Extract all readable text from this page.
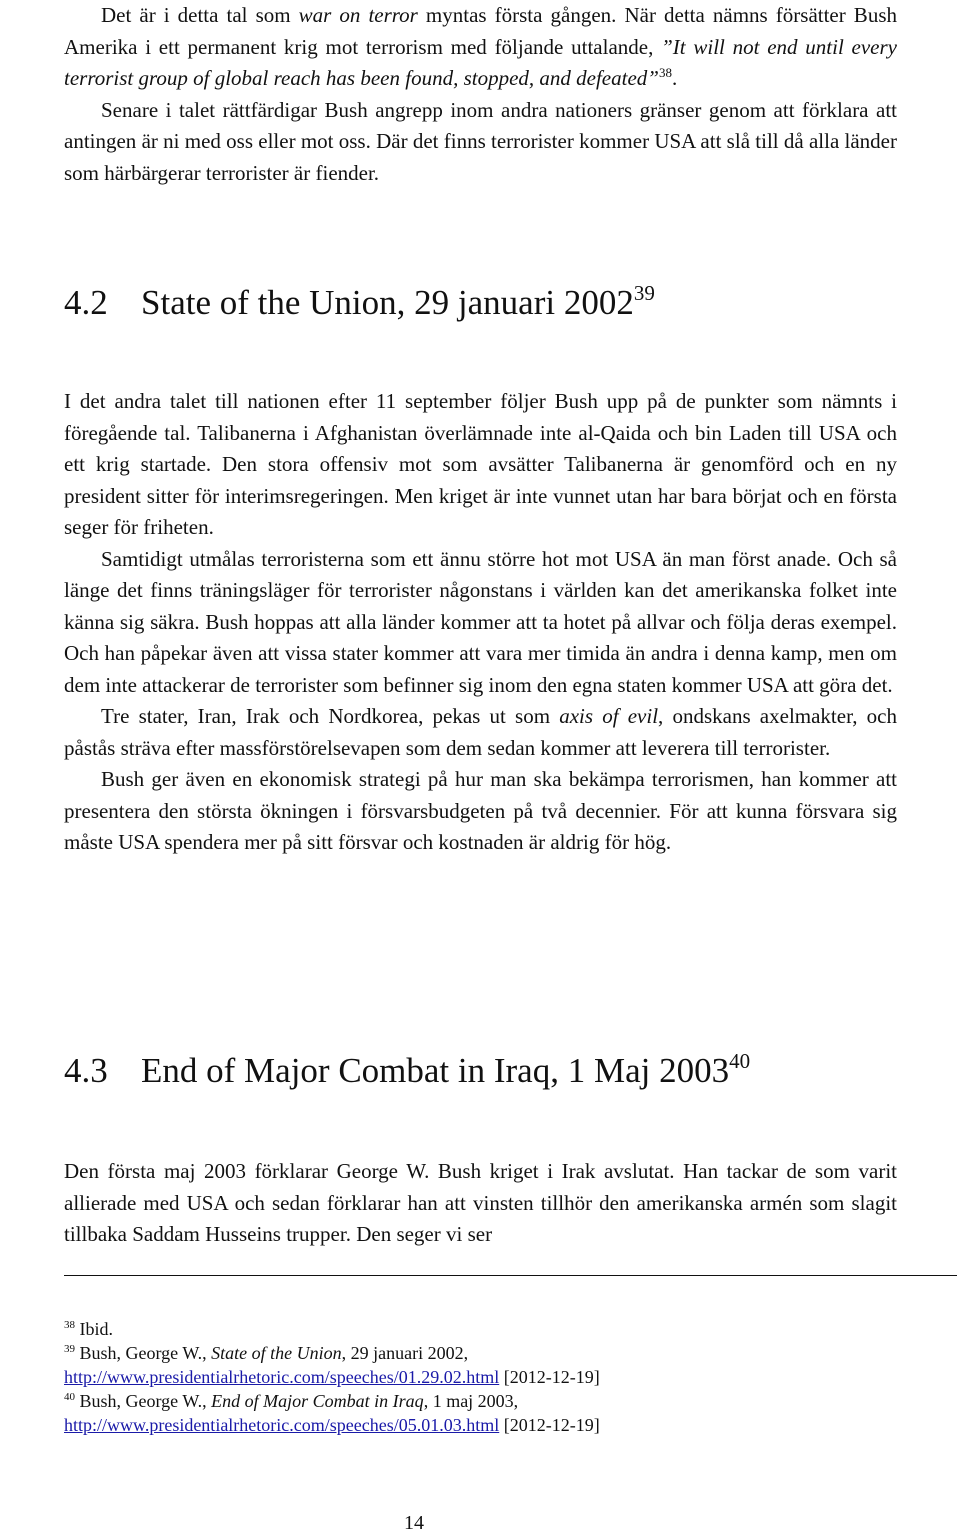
Det är i detta tal som war on terror myntas första gången. När detta nämns försätter Bush Amerika i ett permanent krig mot terrorism med följande uttalande, ”It will not end until every terrorist group of global reach has been found, stopped, and defeated”$^{38}$.
Senare i talet rättfärdigar Bush angrepp inom andra nationers gränser genom att förklara att antingen är ni med oss eller mot oss. Där det finns terrorister kommer USA att slå till då alla länder som härbärgerar terrorister är fiender.

4.2 State of the Union, 29 januari 2002$^{39}$

I det andra talet till nationen efter 11 september följer Bush upp på de punkter som nämnts i föregående tal. Talibanerna i Afghanistan överlämnade inte al-Qaida och bin Laden till USA och ett krig startade. Den stora offensiv mot som avsätter Talibanerna är genomförd och en ny president sitter för interimsregeringen. Men kriget är inte vunnet utan har bara börjat och en första seger för friheten.

Samtidigt utmålas terroristerna som ett ännu större hot mot USA än man först anade. Och så länge det finns träningsläger för terrorister någonstans i världen kan det amerikanska folket inte känna sig säkra. Bush hoppas att alla länder kommer att ta hotet på allvar och följa deras exempel. Och han påpekar även att vissa stater kommer att vara mer timida än andra i denna kamp, men om dem inte attackerar de terrorister som befinner sig inom den egna staten kommer USA att göra det.

Tre stater, Iran, Irak och Nordkorea, pekas ut som axis of evil, ondskans axelmakter, och påstås sträva efter massförstörelsevapen som dem sedan kommer att leverera till terrorister.

Bush ger även en ekonomisk strategi på hur man ska bekämpa terrorismen, han kommer att presentera den största ökningen i försvarsbudgeten på två decennier. För att kunna försvara sig måste USA spendera mer på sitt försvar och kostnaden är aldrig för hög.

4.3 End of Major Combat in Iraq, 1 Maj 2003$^{40}$

Den första maj 2003 förklarar George W. Bush kriget i Irak avslutat. Han tackar de som varit allierade med USA och sedan förklarar han att vinsten tillhör den amerikanska armén som slagit tillbaka Saddam Husseins trupper. Den seger vi ser

$^{38}$ Ibid.
$^{39}$ Bush, George W., State of the Union, 29 januari 2002,
http://www.presidentialrhetoric.com/speeches/01.29.02.html [2012-12-19]
$^{40}$ Bush, George W., End of Major Combat in Iraq, 1 maj 2003,
http://www.presidentialrhetoric.com/speeches/05.01.03.html [2012-12-19]
14
